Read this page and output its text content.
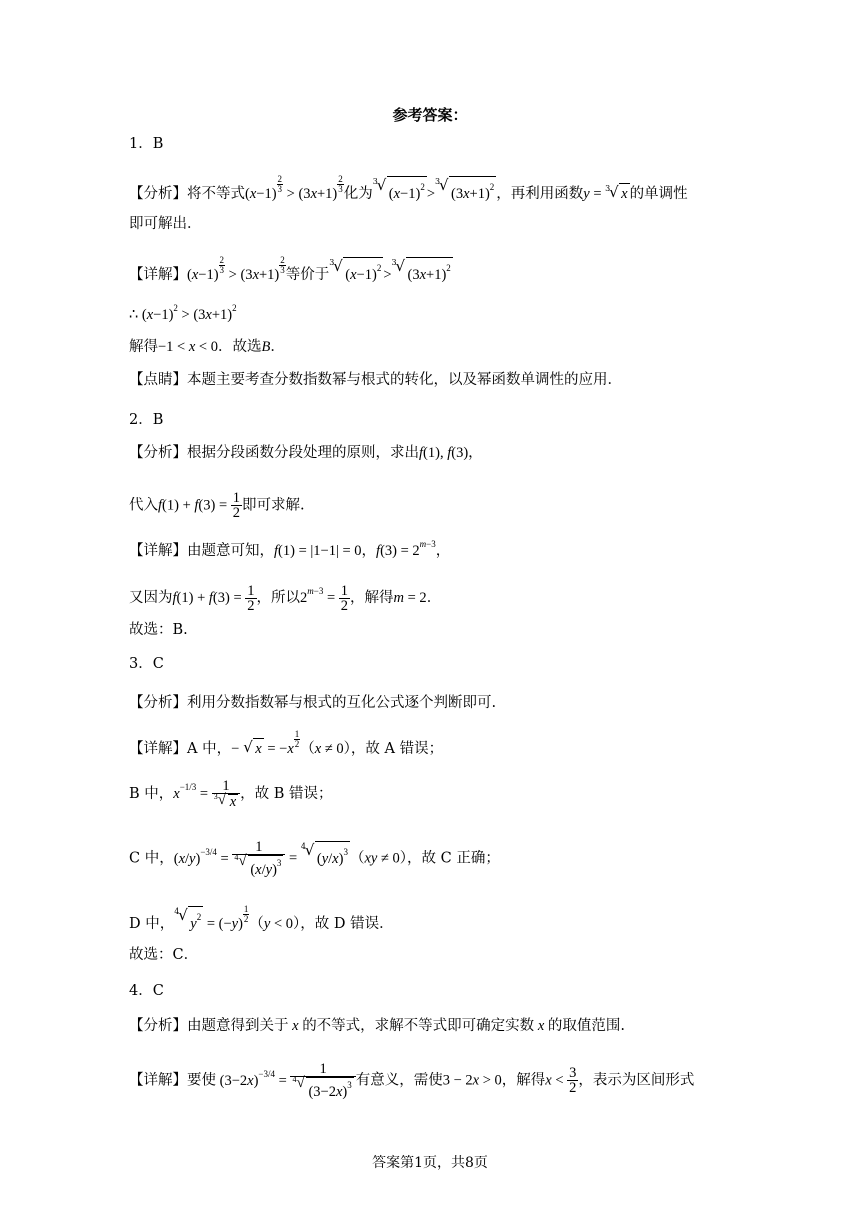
参考答案：
1．B
【分析】将不等式$(x-1) \frac{2}{3} > (3x+1) \frac{2}{3}$ 化为
3
√ $(x-1)^2$ >
3
√ $(3x+1)^2$ ，再利用函数y = 3
√ x 的单调性
即可解出．
【详解】$(x-1) \frac{2}{3} > (3x+1) \frac{2}{3}$ 等价于
3
√ $(x-1)^2$ >
3
√ $(3x+1)^2$
∴ $(x-1)^2 > (3x+1)^2$
解得−1 < x < 0．故选B．
【点睛】本题主要考查分数指数幂与根式的转化，以及幂函数单调性的应用．
2．B
【分析】根据分段函数分段处理的原则，求出f(1), f(3)，
代入$f(1) + f(3) = \frac{1}{2}$ 即可求解.
【详解】由题意可知，f(1) = |1−1| = 0，$f(3) = 2^{m-3}$，
又因为$f(1) + f(3) = \frac{1}{2}$ ，所以$2^{m-3} = \frac{1}{2}$ ，解得m = 2．
故选：B.
3．C
【分析】利用分数指数幂与根式的互化公式逐个判断即可.
【详解】A 中，− √ $x = -x \frac{1}{2} (x \ne 0)$，故 A 错误；
B 中，$x^{-1/3} = \frac{1}{3 √ x}$ ，故 B 错误；
C 中，$(x/y)^{-3/4} = 1$
4 √
$(x/y)^3$ =
4
√ $(y/x)^3$ （xy ≠ 0），故 C 正确；
D 中，
4
√ $y^2 = (-y) \frac{1}{2} (y < 0)$，故 D 错误．
故选：C．
4．C
【分析】由题意得到关于 x 的不等式，求解不等式即可确定实数 x 的取值范围.
【详解】要使 $(3-2x)^{-3/4} = 1$
4 √
$(3-2x)^3$ 有意义，需使3 − 2x > 0，解得$x < \frac{3}{2}$ ，表示为区间形式
答案第1页，共8页
